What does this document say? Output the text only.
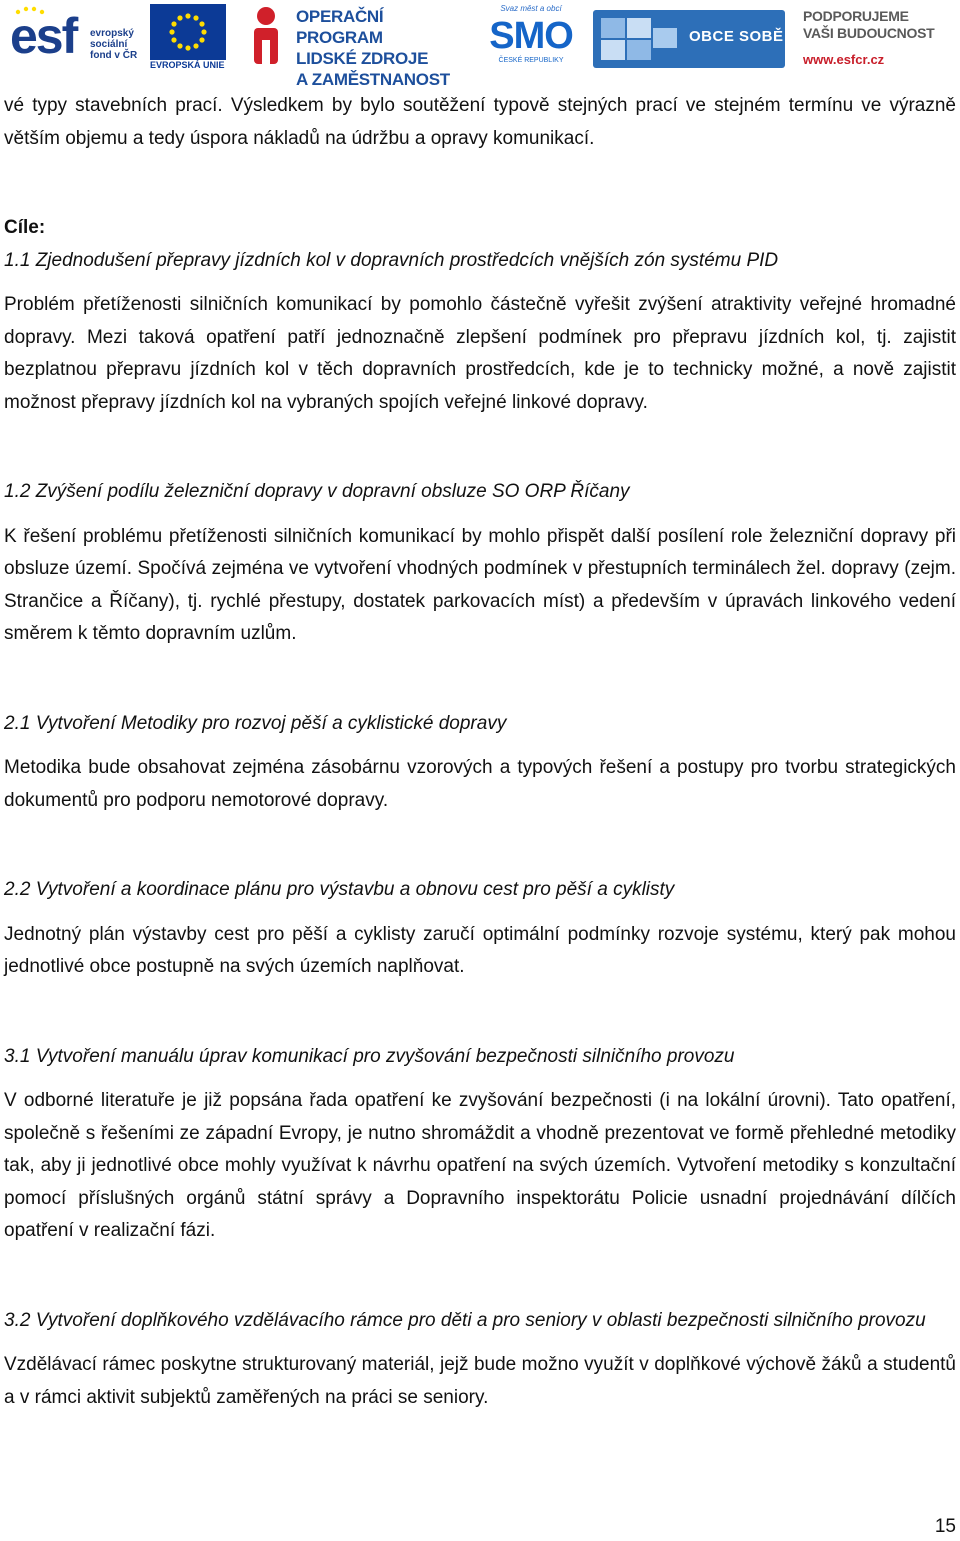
esf evropský
sociální
fond v ČR
EVROPSKÁ UNIE
OPERAČNÍ PROGRAM
LIDSKÉ ZDROJE
A ZAMĚSTNANOST
Svaz měst a obcí
SMO
ČESKÉ REPUBLIKY
OBCE SOBĚ
PODPORUJEME
VAŠI BUDOUCNOST
www.esfcr.cz

vé typy stavebních prací. Výsledkem by bylo soutěžení typově stejných prací ve stejném termínu ve výrazně větším objemu a tedy úspora nákladů na údržbu a opravy komunikací.

Cíle:

1.1 Zjednodušení přepravy jízdních kol v dopravních prostředcích vnějších zón systému PID

Problém přetíženosti silničních komunikací by pomohlo částečně vyřešit zvýšení atraktivity veřejné hromadné dopravy. Mezi taková opatření patří jednoznačně zlepšení podmínek pro přepravu jízdních kol, tj. zajistit bezplatnou přepravu jízdních kol v těch dopravních prostředcích, kde je to technicky možné, a nově zajistit možnost přepravy jízdních kol na vybraných spojích veřejné linkové dopravy.

1.2 Zvýšení podílu železniční dopravy v dopravní obsluze SO ORP Říčany

K řešení problému přetíženosti silničních komunikací by mohlo přispět další posílení role železniční dopravy při obsluze území. Spočívá zejména ve vytvoření vhodných podmínek v přestupních terminálech žel. dopravy (zejm. Strančice a Říčany), tj. rychlé přestupy, dostatek parkovacích míst) a především v úpravách linkového vedení směrem k těmto dopravním uzlům.

2.1 Vytvoření Metodiky pro rozvoj pěší a cyklistické dopravy

Metodika bude obsahovat zejména zásobárnu vzorových a typových řešení a postupy pro tvorbu strategických dokumentů pro podporu nemotorové dopravy.

2.2 Vytvoření a koordinace plánu pro výstavbu a obnovu cest pro pěší a cyklisty

Jednotný plán výstavby cest pro pěší a cyklisty zaručí optimální podmínky rozvoje systému, který pak mohou jednotlivé obce postupně na svých územích naplňovat.

3.1 Vytvoření manuálu úprav komunikací pro zvyšování bezpečnosti silničního provozu

V odborné literatuře je již popsána řada opatření ke zvyšování bezpečnosti (i na lokální úrovni). Tato opatření, společně s řešeními ze západní Evropy, je nutno shromáždit a vhodně prezentovat ve formě přehledné metodiky tak, aby ji jednotlivé obce mohly využívat k návrhu opatření na svých územích. Vytvoření metodiky s konzultační pomocí příslušných orgánů státní správy a Dopravního inspektorátu Policie usnadní projednávání dílčích opatření v realizační fázi.

3.2 Vytvoření doplňkového vzdělávacího rámce pro děti a pro seniory v oblasti bezpečnosti silničního provozu

Vzdělávací rámec poskytne strukturovaný materiál, jejž bude možno využít v doplňkové výchově žáků a studentů a v rámci aktivit subjektů zaměřených na práci se seniory.

15
